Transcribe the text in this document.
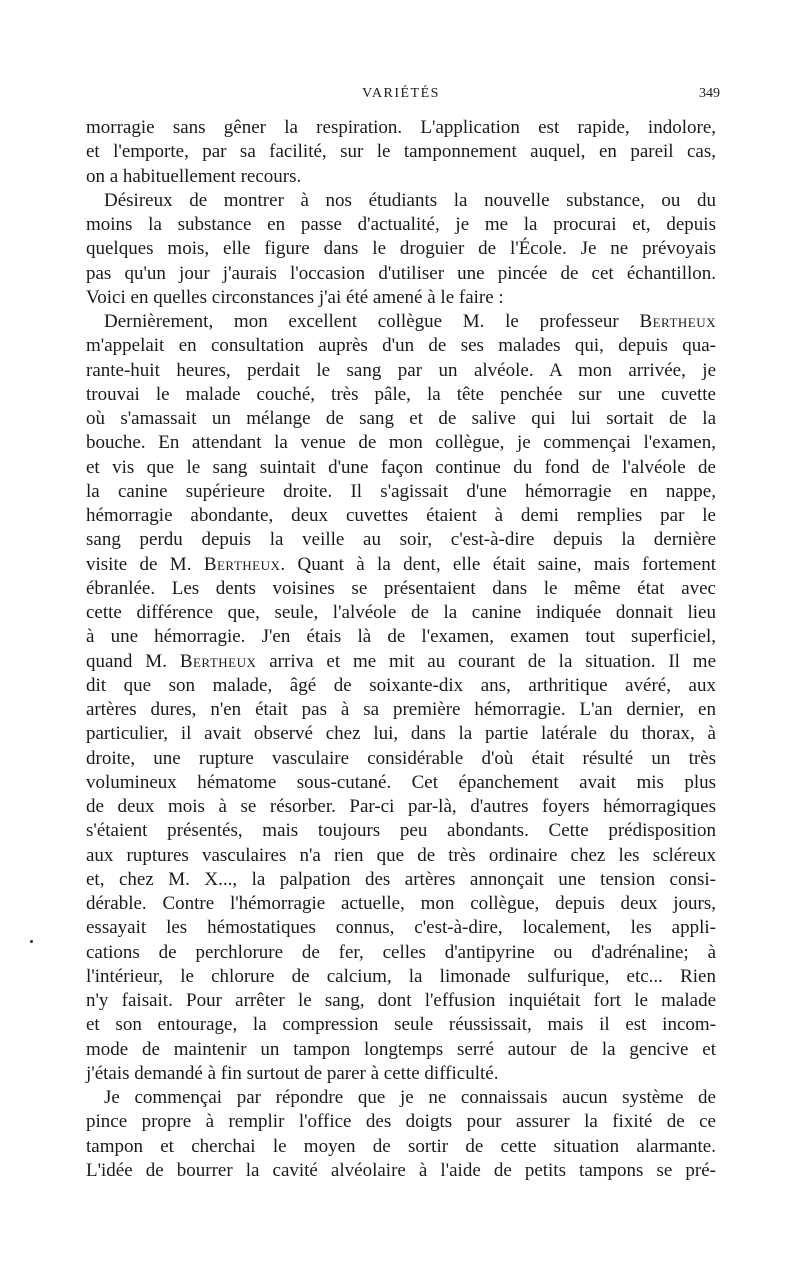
VARIÉTÉS	349
morragie sans gêner la respiration. L'application est rapide, indolore,
et l'emporte, par sa facilité, sur le tamponnement auquel, en pareil cas,
on a habituellement recours.
Désireux de montrer à nos étudiants la nouvelle substance, ou du
moins la substance en passe d'actualité, je me la procurai et, depuis
quelques mois, elle figure dans le droguier de l'École. Je ne prévoyais
pas qu'un jour j'aurais l'occasion d'utiliser une pincée de cet échantillon.
Voici en quelles circonstances j'ai été amené à le faire :
Dernièrement, mon excellent collègue M. le professeur Bertheux
m'appelait en consultation auprès d'un de ses malades qui, depuis qua-
rante-huit heures, perdait le sang par un alvéole. A mon arrivée, je
trouvai le malade couché, très pâle, la tête penchée sur une cuvette
où s'amassait un mélange de sang et de salive qui lui sortait de la
bouche. En attendant la venue de mon collègue, je commençai l'examen,
et vis que le sang suintait d'une façon continue du fond de l'alvéole de
la canine supérieure droite. Il s'agissait d'une hémorragie en nappe,
hémorragie abondante, deux cuvettes étaient à demi remplies par le
sang perdu depuis la veille au soir, c'est-à-dire depuis la dernière
visite de M. Bertheux. Quant à la dent, elle était saine, mais fortement
ébranlée. Les dents voisines se présentaient dans le même état avec
cette différence que, seule, l'alvéole de la canine indiquée donnait lieu
à une hémorragie. J'en étais là de l'examen, examen tout superficiel,
quand M. Bertheux arriva et me mit au courant de la situation. Il me
dit que son malade, âgé de soixante-dix ans, arthritique avéré, aux
artères dures, n'en était pas à sa première hémorragie. L'an dernier, en
particulier, il avait observé chez lui, dans la partie latérale du thorax, à
droite, une rupture vasculaire considérable d'où était résulté un très
volumineux hématome sous-cutané. Cet épanchement avait mis plus
de deux mois à se résorber. Par-ci par-là, d'autres foyers hémorragiques
s'étaient présentés, mais toujours peu abondants. Cette prédisposition
aux ruptures vasculaires n'a rien que de très ordinaire chez les scléreux
et, chez M. X..., la palpation des artères annonçait une tension consi-
dérable. Contre l'hémorragie actuelle, mon collègue, depuis deux jours,
essayait les hémostatiques connus, c'est-à-dire, localement, les appli-
cations de perchlorure de fer, celles d'antipyrine ou d'adrénaline; à
l'intérieur, le chlorure de calcium, la limonade sulfurique, etc... Rien
n'y faisait. Pour arrêter le sang, dont l'effusion inquiétait fort le malade
et son entourage, la compression seule réussissait, mais il est incom-
mode de maintenir un tampon longtemps serré autour de la gencive et
j'étais demandé à fin surtout de parer à cette difficulté.
Je commençai par répondre que je ne connaissais aucun système de
pince propre à remplir l'office des doigts pour assurer la fixité de ce
tampon et cherchai le moyen de sortir de cette situation alarmante.
L'idée de bourrer la cavité alvéolaire à l'aide de petits tampons se pré-
